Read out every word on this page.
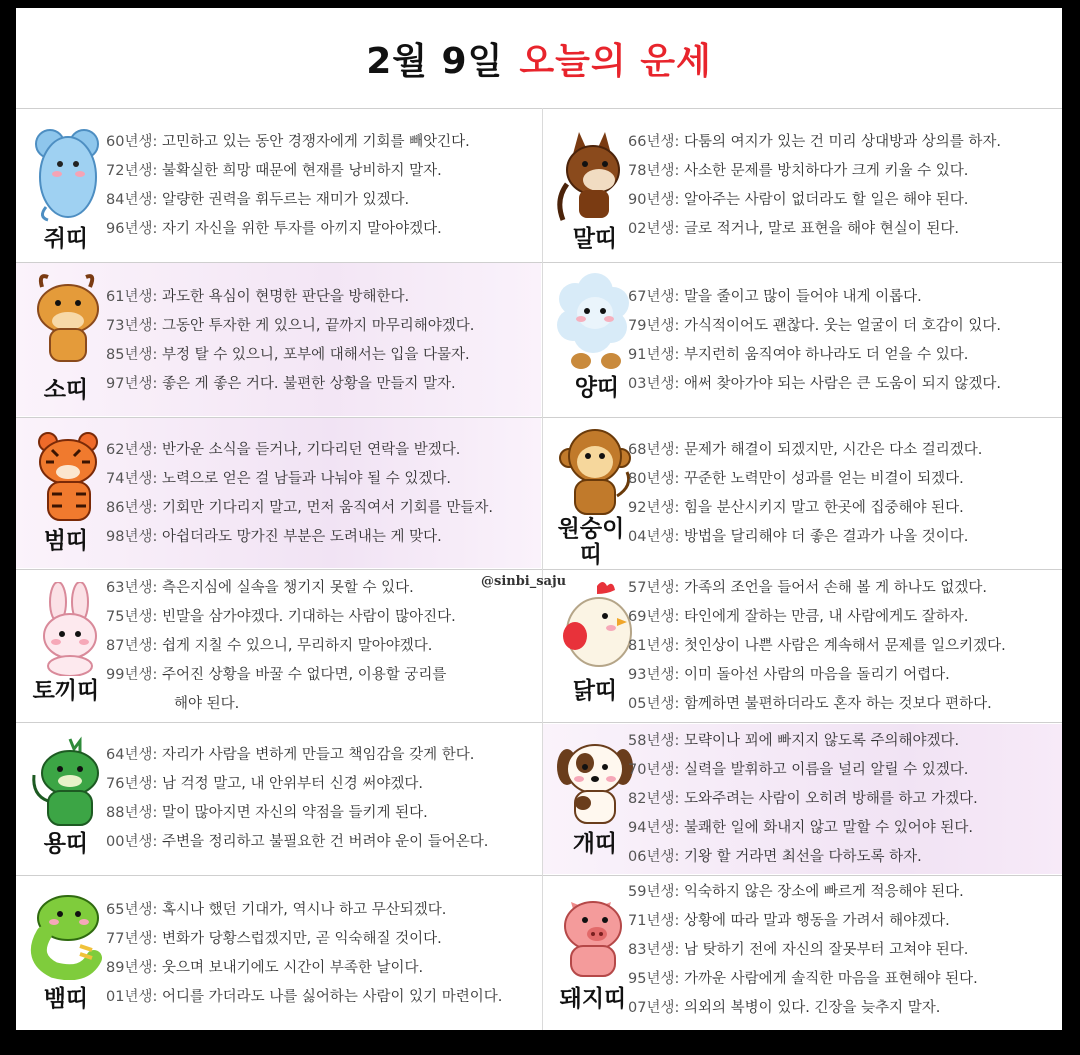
2월 9일 오늘의 운세
@sinbi_saju
쥐띠
60년생: 고민하고 있는 동안 경쟁자에게 기회를 빼앗긴다.
72년생: 불확실한 희망 때문에 현재를 낭비하지 말자.
84년생: 알량한 권력을 휘두르는 재미가 있겠다.
96년생: 자기 자신을 위한 투자를 아끼지 말아야겠다.	말띠
66년생: 다툼의 여지가 있는 건 미리 상대방과 상의를 하자.
78년생: 사소한 문제를 방치하다가 크게 키울 수 있다.
90년생: 알아주는 사람이 없더라도 할 일은 해야 된다.
02년생: 글로 적거나, 말로 표현을 해야 현실이 된다.
소띠
61년생: 과도한 욕심이 현명한 판단을 방해한다.
73년생: 그동안 투자한 게 있으니, 끝까지 마무리해야겠다.
85년생: 부정 탈 수 있으니, 포부에 대해서는 입을 다물자.
97년생: 좋은 게 좋은 거다. 불편한 상황을 만들지 말자.	양띠
67년생: 말을 줄이고 많이 들어야 내게 이롭다.
79년생: 가식적이어도 괜찮다. 웃는 얼굴이 더 호감이 있다.
91년생: 부지런히 움직여야 하나라도 더 얻을 수 있다.
03년생: 애써 찾아가야 되는 사람은 큰 도움이 되지 않겠다.
범띠
62년생: 반가운 소식을 듣거나, 기다리던 연락을 받겠다.
74년생: 노력으로 얻은 걸 남들과 나눠야 될 수 있겠다.
86년생: 기회만 기다리지 말고, 먼저 움직여서 기회를 만들자.
98년생: 아쉽더라도 망가진 부분은 도려내는 게 맞다.	원숭이띠
68년생: 문제가 해결이 되겠지만, 시간은 다소 걸리겠다.
80년생: 꾸준한 노력만이 성과를 얻는 비결이 되겠다.
92년생: 힘을 분산시키지 말고 한곳에 집중해야 된다.
04년생: 방법을 달리해야 더 좋은 결과가 나올 것이다.
토끼띠
63년생: 측은지심에 실속을 챙기지 못할 수 있다.
75년생: 빈말을 삼가야겠다. 기대하는 사람이 많아진다.
87년생: 쉽게 지칠 수 있으니, 무리하지 말아야겠다.
99년생: 주어진 상황을 바꿀 수 없다면, 이용할 궁리를
해야 된다.	닭띠
57년생: 가족의 조언을 들어서 손해 볼 게 하나도 없겠다.
69년생: 타인에게 잘하는 만큼, 내 사람에게도 잘하자.
81년생: 첫인상이 나쁜 사람은 계속해서 문제를 일으키겠다.
93년생: 이미 돌아선 사람의 마음을 돌리기 어렵다.
05년생: 함께하면 불편하더라도 혼자 하는 것보다 편하다.
용띠
64년생: 자리가 사람을 변하게 만들고 책임감을 갖게 한다.
76년생: 남 걱정 말고, 내 안위부터 신경 써야겠다.
88년생: 말이 많아지면 자신의 약점을 들키게 된다.
00년생: 주변을 정리하고 불필요한 건 버려야 운이 들어온다.	개띠
58년생: 모략이나 꾀에 빠지지 않도록 주의해야겠다.
70년생: 실력을 발휘하고 이름을 널리 알릴 수 있겠다.
82년생: 도와주려는 사람이 오히려 방해를 하고 가겠다.
94년생: 불쾌한 일에 화내지 않고 말할 수 있어야 된다.
06년생: 기왕 할 거라면 최선을 다하도록 하자.
뱀띠
65년생: 혹시나 했던 기대가, 역시나 하고 무산되겠다.
77년생: 변화가 당황스럽겠지만, 곧 익숙해질 것이다.
89년생: 웃으며 보내기에도 시간이 부족한 날이다.
01년생: 어디를 가더라도 나를 싫어하는 사람이 있기 마련이다.	돼지띠
59년생: 익숙하지 않은 장소에 빠르게 적응해야 된다.
71년생: 상황에 따라 말과 행동을 가려서 해야겠다.
83년생: 남 탓하기 전에 자신의 잘못부터 고쳐야 된다.
95년생: 가까운 사람에게 솔직한 마음을 표현해야 된다.
07년생: 의외의 복병이 있다. 긴장을 늦추지 말자.
